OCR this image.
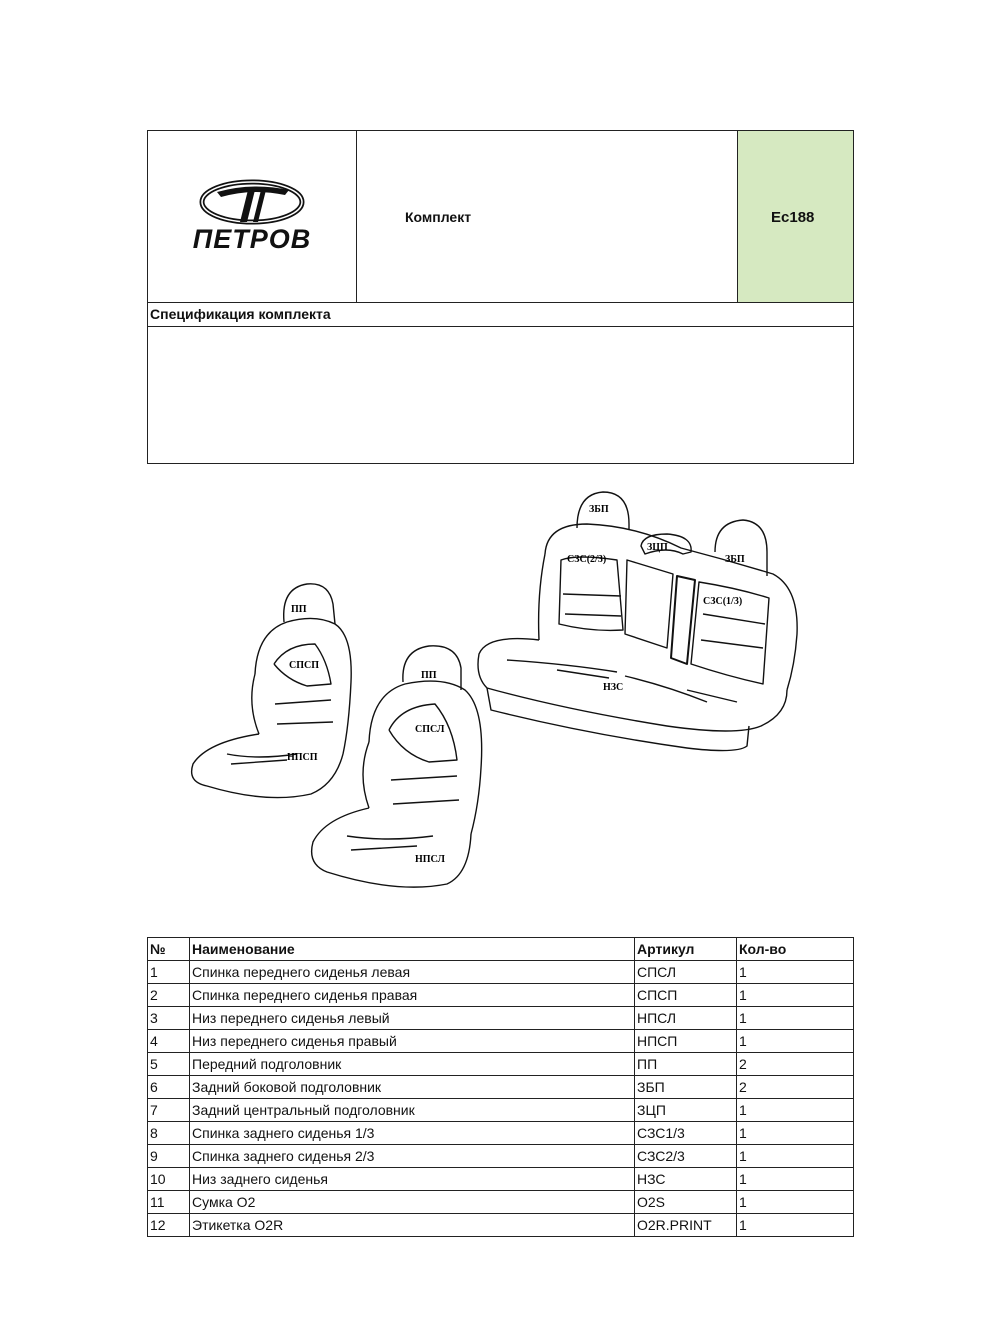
ПЕТРОВ
Комплект	Ес188
Спецификация комплекта
ПП
СПСП
НПСП
ПП
СПСЛ
НПСЛ
ЗБП
ЗЦП
ЗБП
СЗС(2/3)
СЗС(1/3)
НЗС
№	Наименование	Артикул	Кол-во
1	Спинка переднего сиденья левая	СПСЛ	1
2	Спинка переднего сиденья правая	СПСП	1
3	Низ переднего сиденья левый	НПСЛ	1
4	Низ переднего сиденья правый	НПСП	1
5	Передний подголовник	ПП	2
6	Задний боковой подголовник	ЗБП	2
7	Задний центральный подголовник	ЗЦП	1
8	Спинка заднего сиденья 1/3	СЗС1/3	1
9	Спинка заднего сиденья 2/3	СЗС2/3	1
10	Низ заднего сиденья	НЗС	1
11	Сумка О2	O2S	1
12	Этикетка O2R	O2R.PRINT	1
